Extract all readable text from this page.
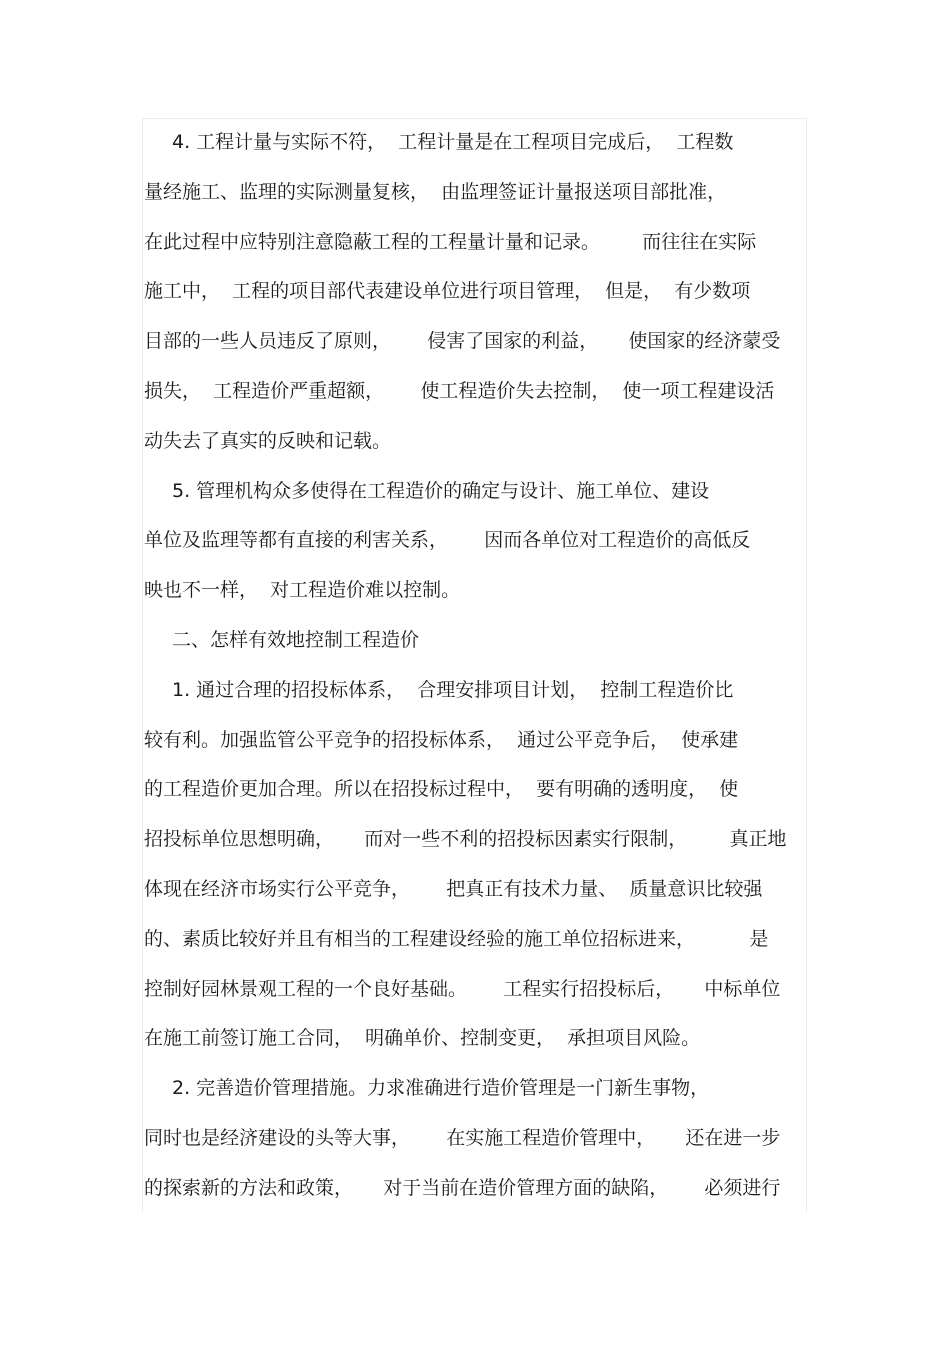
4. 工程计量与实际不符，  工程计量是在工程项目完成后，  工程数
量经施工、监理的实际测量复核，  由监理签证计量报送项目部批准，
在此过程中应特别注意隐蔽工程的工程量计量和记录。       而往往在实际
施工中，  工程的项目部代表建设单位进行项目管理，  但是，  有少数项
目部的一些人员违反了原则，      侵害了国家的利益，     使国家的经济蒙受
损失，  工程造价严重超额，      使工程造价失去控制，  使一项工程建设活
动失去了真实的反映和记载。
5. 管理机构众多使得在工程造价的确定与设计、施工单位、建设
单位及监理等都有直接的利害关系，      因而各单位对工程造价的高低反
映也不一样，  对工程造价难以控制。
二、怎样有效地控制工程造价
1. 通过合理的招投标体系，  合理安排项目计划，  控制工程造价比
较有利。加强监管公平竞争的招投标体系，  通过公平竞争后，  使承建
的工程造价更加合理。所以在招投标过程中，  要有明确的透明度，  使
招投标单位思想明确，     而对一些不利的招投标因素实行限制，       真正地
体现在经济市场实行公平竞争，      把真正有技术力量、  质量意识比较强
的、素质比较好并且有相当的工程建设经验的施工单位招标进来，         是
控制好园林景观工程的一个良好基础。      工程实行招投标后，     中标单位
在施工前签订施工合同，  明确单价、控制变更，  承担项目风险。
2. 完善造价管理措施。力求准确进行造价管理是一门新生事物，
同时也是经济建设的头等大事，      在实施工程造价管理中，     还在进一步
的探索新的方法和政策，     对于当前在造价管理方面的缺陷，      必须进行
